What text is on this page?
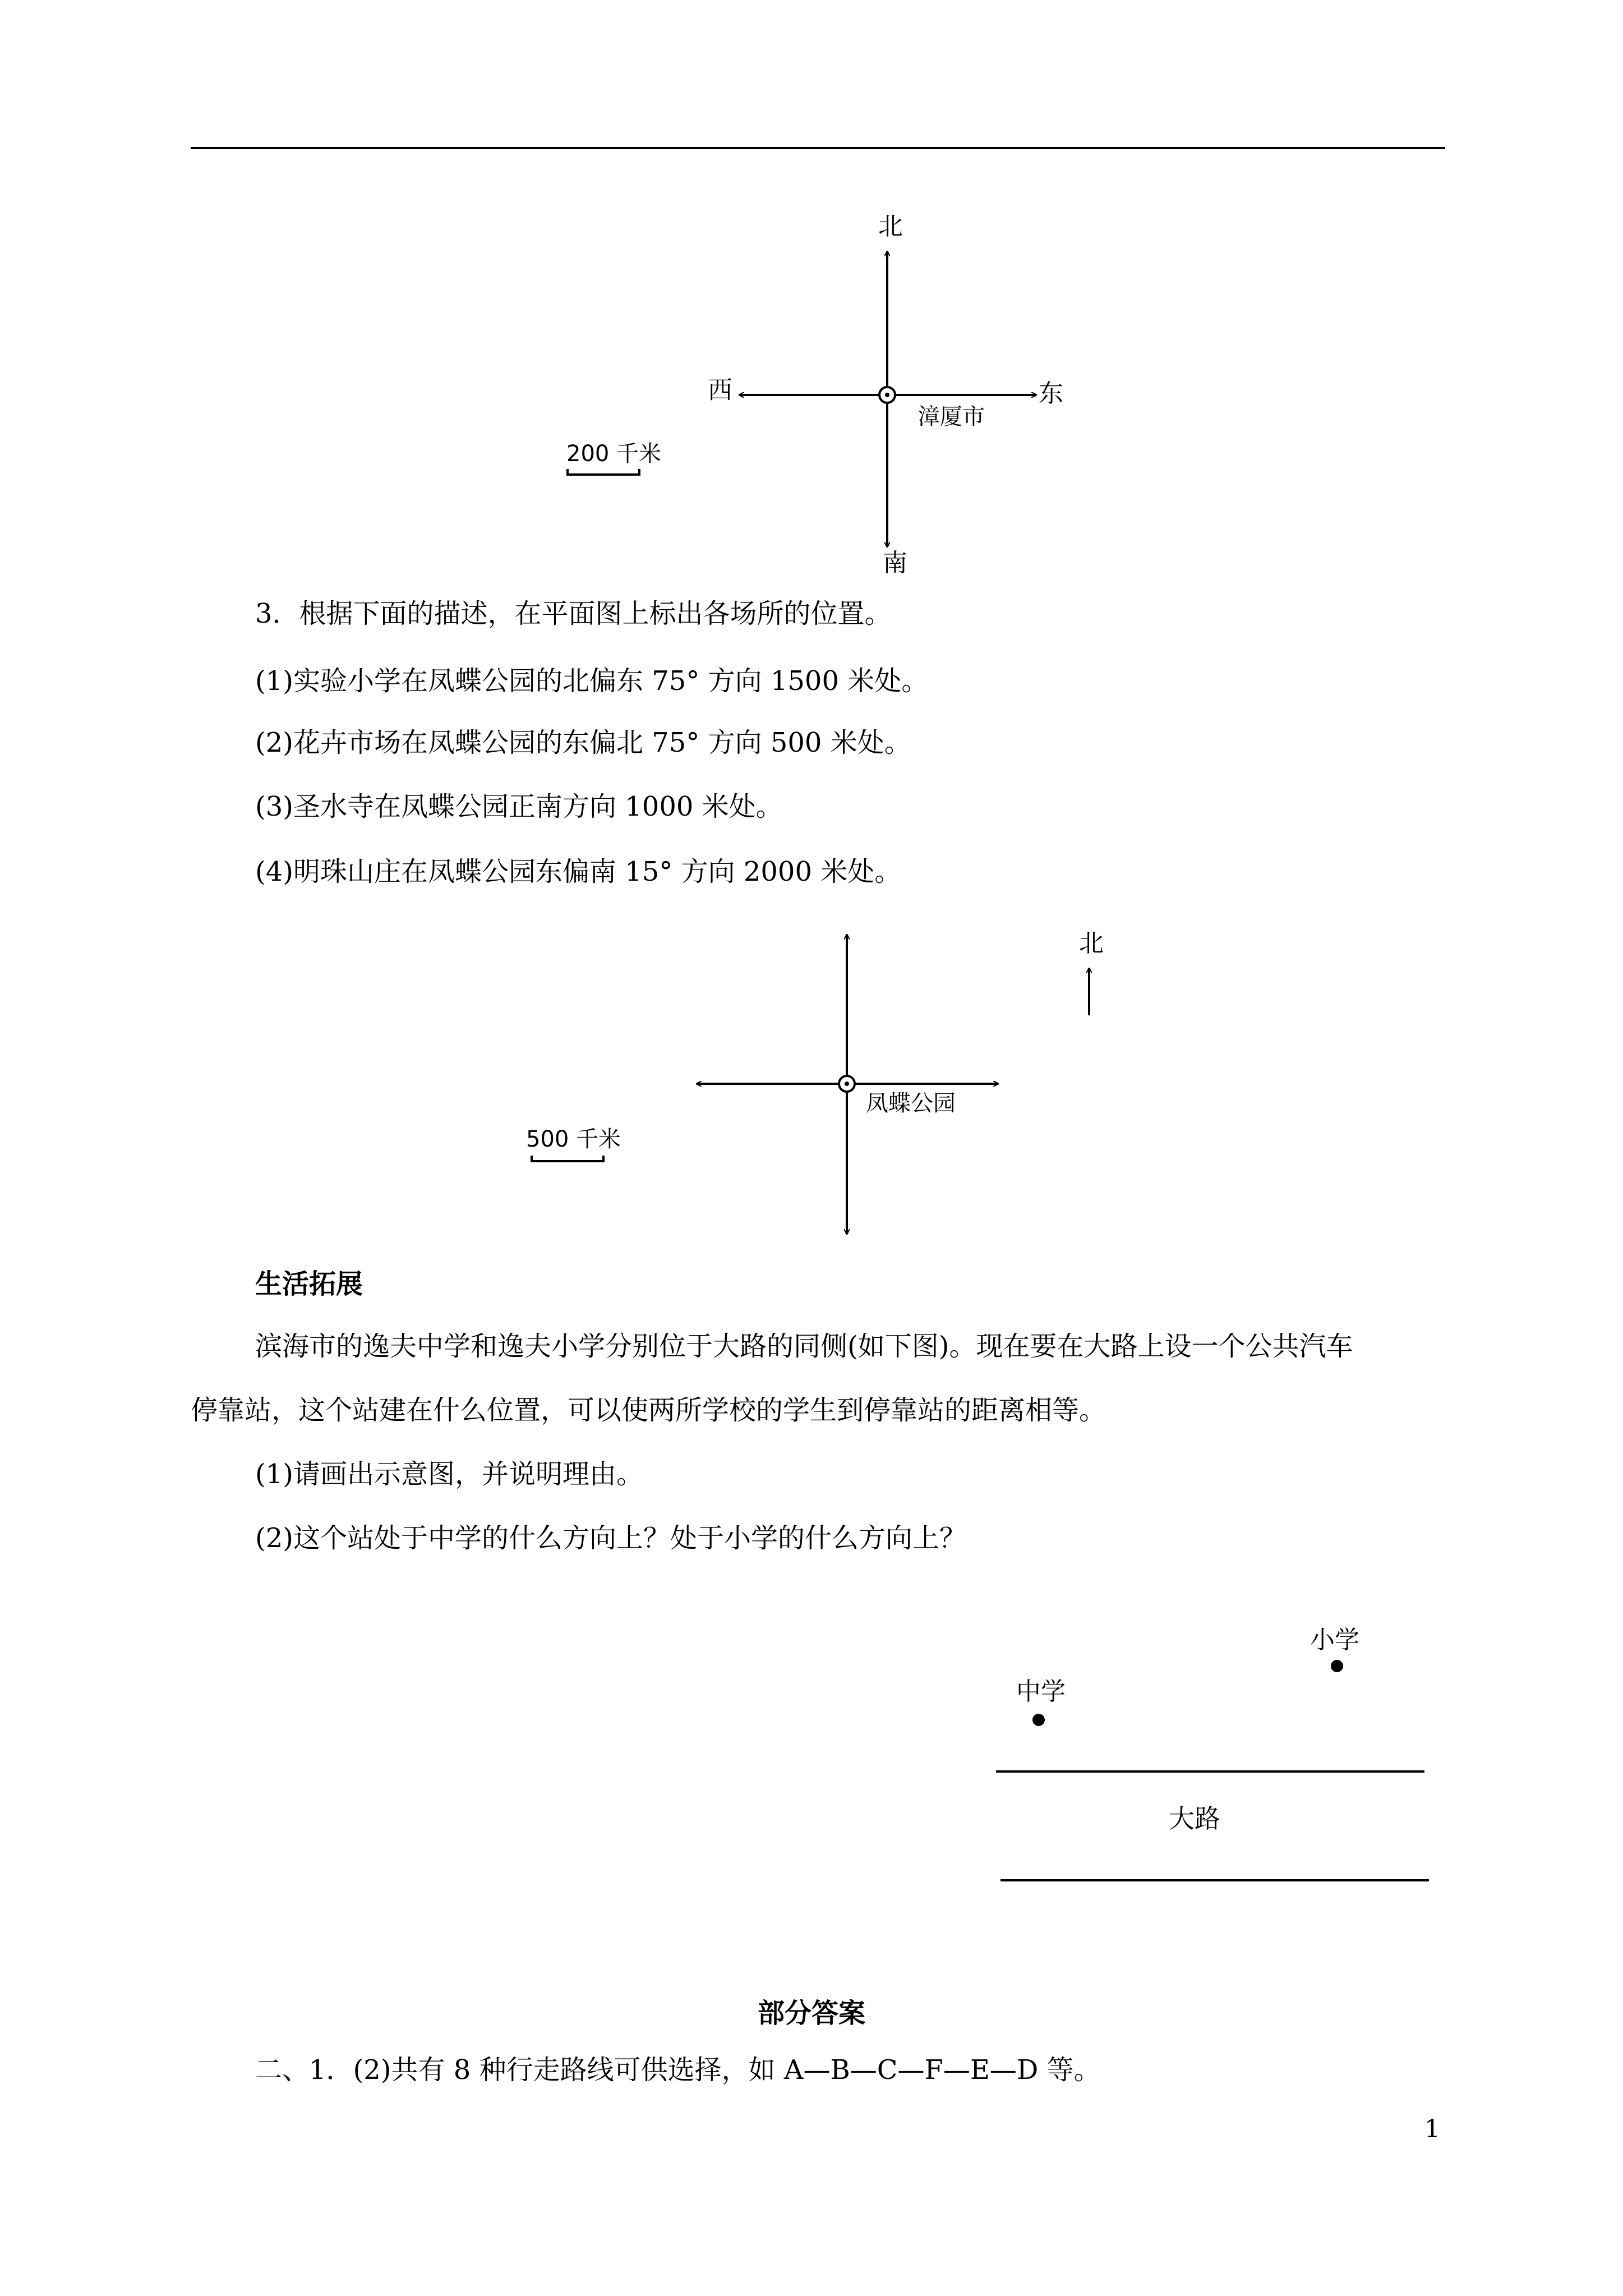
北
南
西	东
漳厦市
200 千米
3．根据下面的描述，在平面图上标出各场所的位置。
(1)实验小学在凤蝶公园的北偏东 75° 方向 1500 米处。
(2)花卉市场在凤蝶公园的东偏北 75° 方向 500 米处。
(3)圣水寺在凤蝶公园正南方向 1000 米处。
(4)明珠山庄在凤蝶公园东偏南 15° 方向 2000 米处。
凤蝶公园
北
500 千米
生活拓展
滨海市的逸夫中学和逸夫小学分别位于大路的同侧(如下图)。现在要在大路上设一个公共汽车
停靠站，这个站建在什么位置，可以使两所学校的学生到停靠站的距离相等。
(1)请画出示意图，并说明理由。
(2)这个站处于中学的什么方向上？处于小学的什么方向上？
小学
中学
大路
部分答案
二、1．(2)共有 8 种行走路线可供选择，如 A—B—C—F—E—D 等。
1
